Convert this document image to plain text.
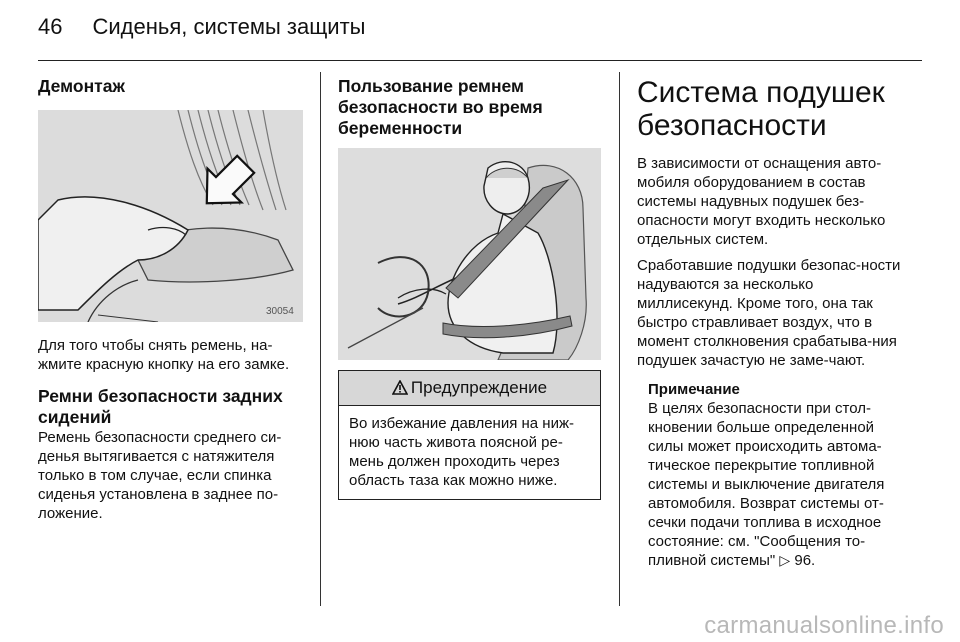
46 Сиденья, системы защиты
Демонтаж
30054

Для того чтобы снять ремень, на-жмите красную кнопку на его замке.

Ремни безопасности задних сидений

Ремень безопасности среднего си-денья вытягивается с натяжителя только в том случае, если спинка сиденья установлена в заднее по-ложение.

Пользование ремнем безопасности во время беременности
Предупреждение
Во избежание давления на ниж-нюю часть живота поясной ре-мень должен проходить через область таза как можно ниже.
Система подушек безопасности

В зависимости от оснащения авто-мобиля оборудованием в состав системы надувных подушек без-опасности могут входить несколько отдельных систем.

Сработавшие подушки безопас-ности надуваются за несколько миллисекунд. Кроме того, она так быстро стравливает воздух, что в момент столкновения срабатыва-ния подушек зачастую не заме-чают.

Примечание

В целях безопасности при стол-кновении больше определенной силы может происходить автома-тическое перекрытие топливной системы и выключение двигателя автомобиля. Возврат системы от-сечки подачи топлива в исходное состояние: см. "Сообщения то-пливной системы" ▷ 96.

carmanualsonline.info
